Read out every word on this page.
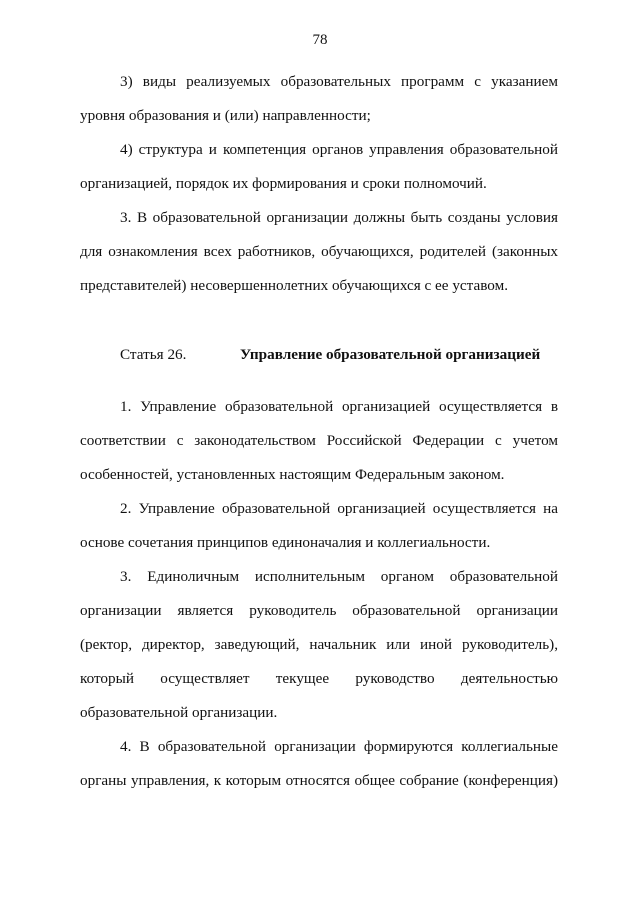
78

3) виды реализуемых образовательных программ с указанием уровня образования и (или) направленности;

4) структура и компетенция органов управления образовательной организацией, порядок их формирования и сроки полномочий.

3. В образовательной организации должны быть созданы условия для ознакомления всех работников, обучающихся, родителей (законных представителей) несовершеннолетних обучающихся с ее уставом.

Статья 26.	Управление образовательной организацией

1. Управление образовательной организацией осуществляется в соответствии с законодательством Российской Федерации с учетом особенностей, установленных настоящим Федеральным законом.

2. Управление образовательной организацией осуществляется на основе сочетания принципов единоначалия и коллегиальности.

3. Единоличным исполнительным органом образовательной организации является руководитель образовательной организации (ректор, директор, заведующий, начальник или иной руководитель), который осуществляет текущее руководство деятельностью образовательной организации.

4. В образовательной организации формируются коллегиальные органы управления, к которым относятся общее собрание (конференция)
